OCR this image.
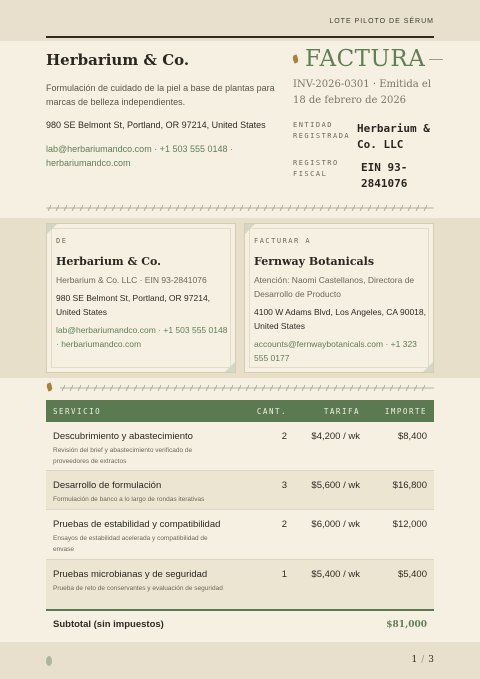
LOTE PILOTO DE SÉRUM
Herbarium & Co.
Formulación de cuidado de la piel a base de plantas para marcas de belleza independientes.
980 SE Belmont St, Portland, OR 97214, United States
lab@herbariumandco.com · +1 503 555 0148 · herbariumandco.com
FACTURA
INV-2026-0301 · Emitida el 18 de febrero de 2026
ENTIDAD REGISTRADA
Herbarium & Co. LLC
REGISTRO FISCAL	EIN 93-2841076
DE
Herbarium & Co.
Herbarium & Co. LLC · EIN 93-2841076
980 SE Belmont St, Portland, OR 97214, United States
lab@herbariumandco.com · +1 503 555 0148 · herbariumandco.com
FACTURAR A
Fernway Botanicals
Atención: Naomi Castellanos, Directora de Desarrollo de Producto
4100 W Adams Blvd, Los Angeles, CA 90018, United States
accounts@fernwaybotanicals.com · +1 323 555 0177
SERVICIO	CANT.	TARIFA	IMPORTE
Descubrimiento y abastecimiento
Revisión del brief y abastecimiento verificado de proveedores de extractos
2	$4,200 / wk	$8,400
Desarrollo de formulación
Formulación de banco a lo largo de rondas iterativas
3	$5,600 / wk	$16,800
Pruebas de estabilidad y compatibilidad
Ensayos de estabilidad acelerada y compatibilidad de envase
2	$6,000 / wk	$12,000
Pruebas microbianas y de seguridad
Prueba de reto de conservantes y evaluación de seguridad
1	$5,400 / wk	$5,400
Subtotal (sin impuestos)	$81,000
1 / 3
